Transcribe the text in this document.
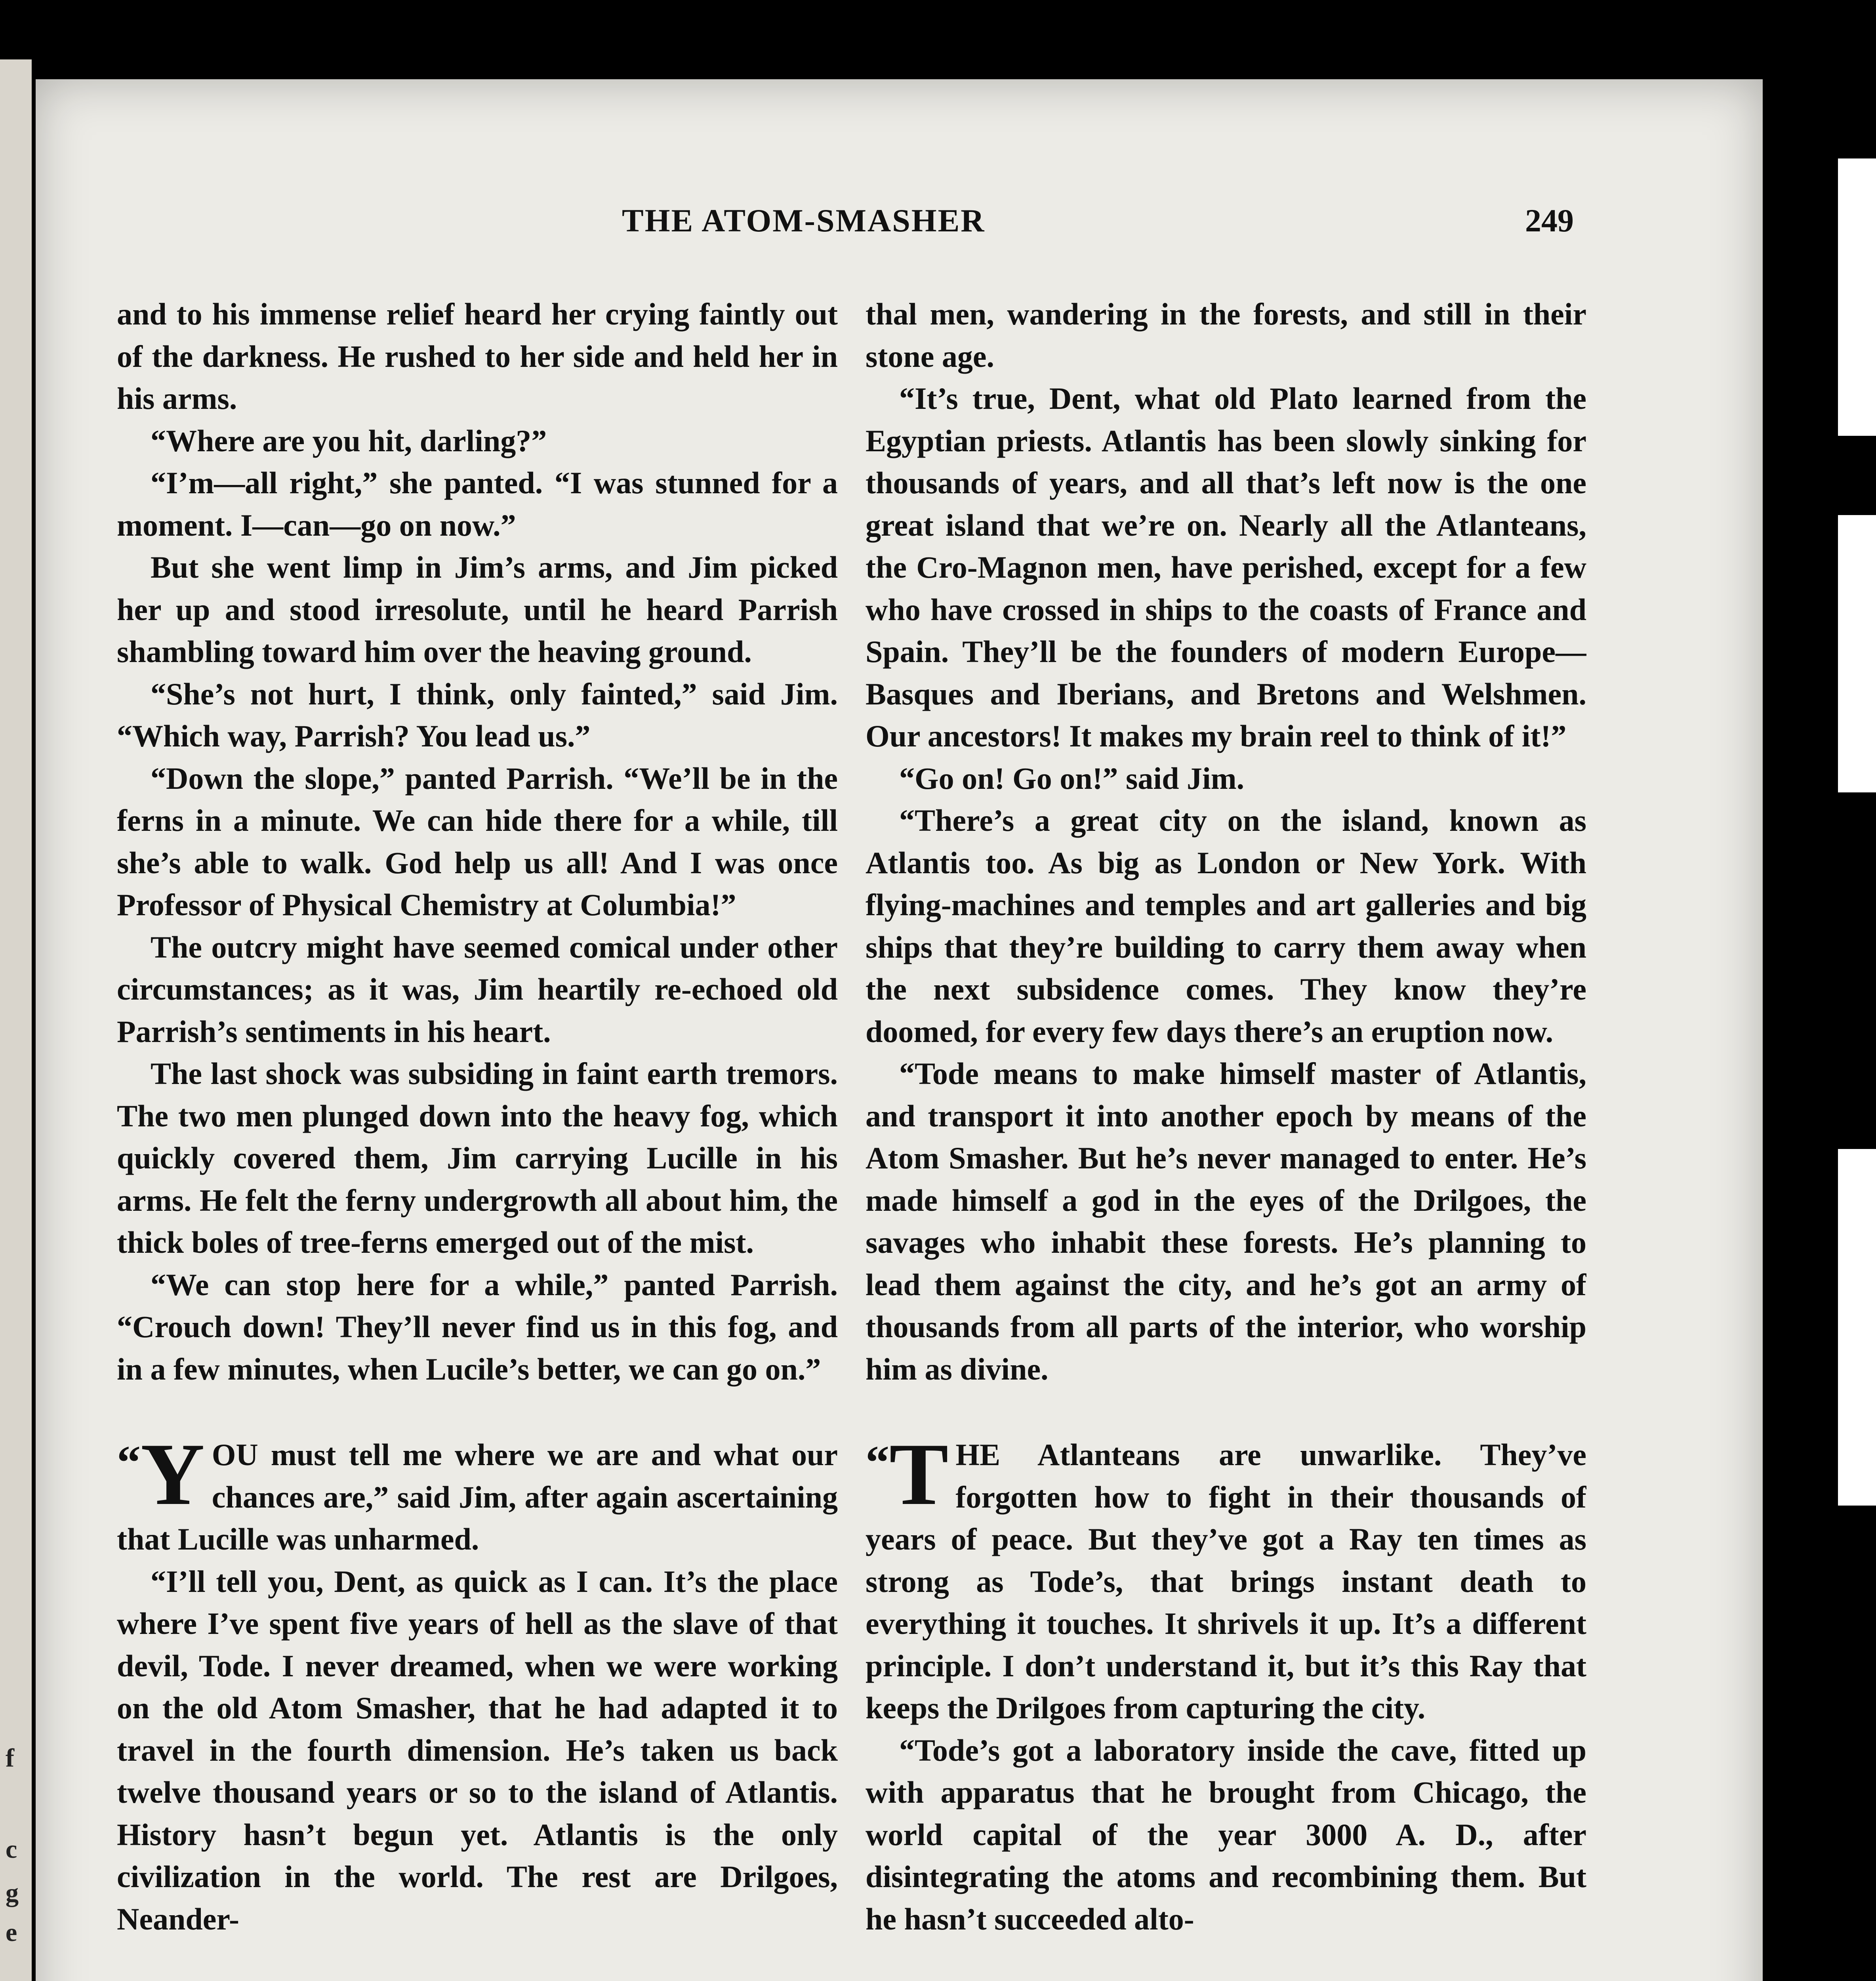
f
c
g
e
THE ATOM-SMASHER	249

and to his immense relief heard her crying faintly out of the darkness. He rushed to her side and held her in his arms.

“Where are you hit, darling?”

“I’m—all right,” she panted. “I was stunned for a moment. I—can—go on now.”

But she went limp in Jim’s arms, and Jim picked her up and stood irresolute, until he heard Parrish shambling toward him over the heaving ground.

“She’s not hurt, I think, only fainted,” said Jim. “Which way, Parrish? You lead us.”

“Down the slope,” panted Parrish. “We’ll be in the ferns in a minute. We can hide there for a while, till she’s able to walk. God help us all! And I was once Professor of Physical Chemistry at Columbia!”

The outcry might have seemed comical under other circumstances; as it was, Jim heartily re-echoed old Parrish’s sentiments in his heart.

The last shock was subsiding in faint earth tremors. The two men plunged down into the heavy fog, which quickly covered them, Jim carrying Lucille in his arms. He felt the ferny undergrowth all about him, the thick boles of tree-ferns emerged out of the mist.

“We can stop here for a while,” panted Parrish. “Crouch down! They’ll never find us in this fog, and in a few minutes, when Lucile’s better, we can go on.”

“Y OU must tell me where we are and what our chances are,” said Jim, after again ascertaining that Lucille was unharmed.

“I’ll tell you, Dent, as quick as I can. It’s the place where I’ve spent five years of hell as the slave of that devil, Tode. I never dreamed, when we were working on the old Atom Smasher, that he had adapted it to travel in the fourth dimension. He’s taken us back twelve thousand years or so to the island of Atlantis. History hasn’t begun yet. Atlantis is the only civilization in the world. The rest are Drilgoes, Neander-

thal men, wandering in the forests, and still in their stone age.

“It’s true, Dent, what old Plato learned from the Egyptian priests. Atlantis has been slowly sinking for thousands of years, and all that’s left now is the one great island that we’re on. Nearly all the Atlanteans, the Cro-Magnon men, have perished, except for a few who have crossed in ships to the coasts of France and Spain. They’ll be the founders of modern Europe—Basques and Iberians, and Bretons and Welshmen. Our ancestors! It makes my brain reel to think of it!”

“Go on! Go on!” said Jim.

“There’s a great city on the island, known as Atlantis too. As big as London or New York. With flying-machines and temples and art galleries and big ships that they’re building to carry them away when the next subsidence comes. They know they’re doomed, for every few days there’s an eruption now.

“Tode means to make himself master of Atlantis, and transport it into another epoch by means of the Atom Smasher. But he’s never managed to enter. He’s made himself a god in the eyes of the Drilgoes, the savages who inhabit these forests. He’s planning to lead them against the city, and he’s got an army of thousands from all parts of the interior, who worship him as divine.

“T HE Atlanteans are unwarlike. They’ve forgotten how to fight in their thousands of years of peace. But they’ve got a Ray ten times as strong as Tode’s, that brings instant death to everything it touches. It shrivels it up. It’s a different principle. I don’t understand it, but it’s this Ray that keeps the Drilgoes from capturing the city.

“Tode’s got a laboratory inside the cave, fitted up with apparatus that he brought from Chicago, the world capital of the year 3000 A. D., after disintegrating the atoms and recombining them. But he hasn’t succeeded alto-
